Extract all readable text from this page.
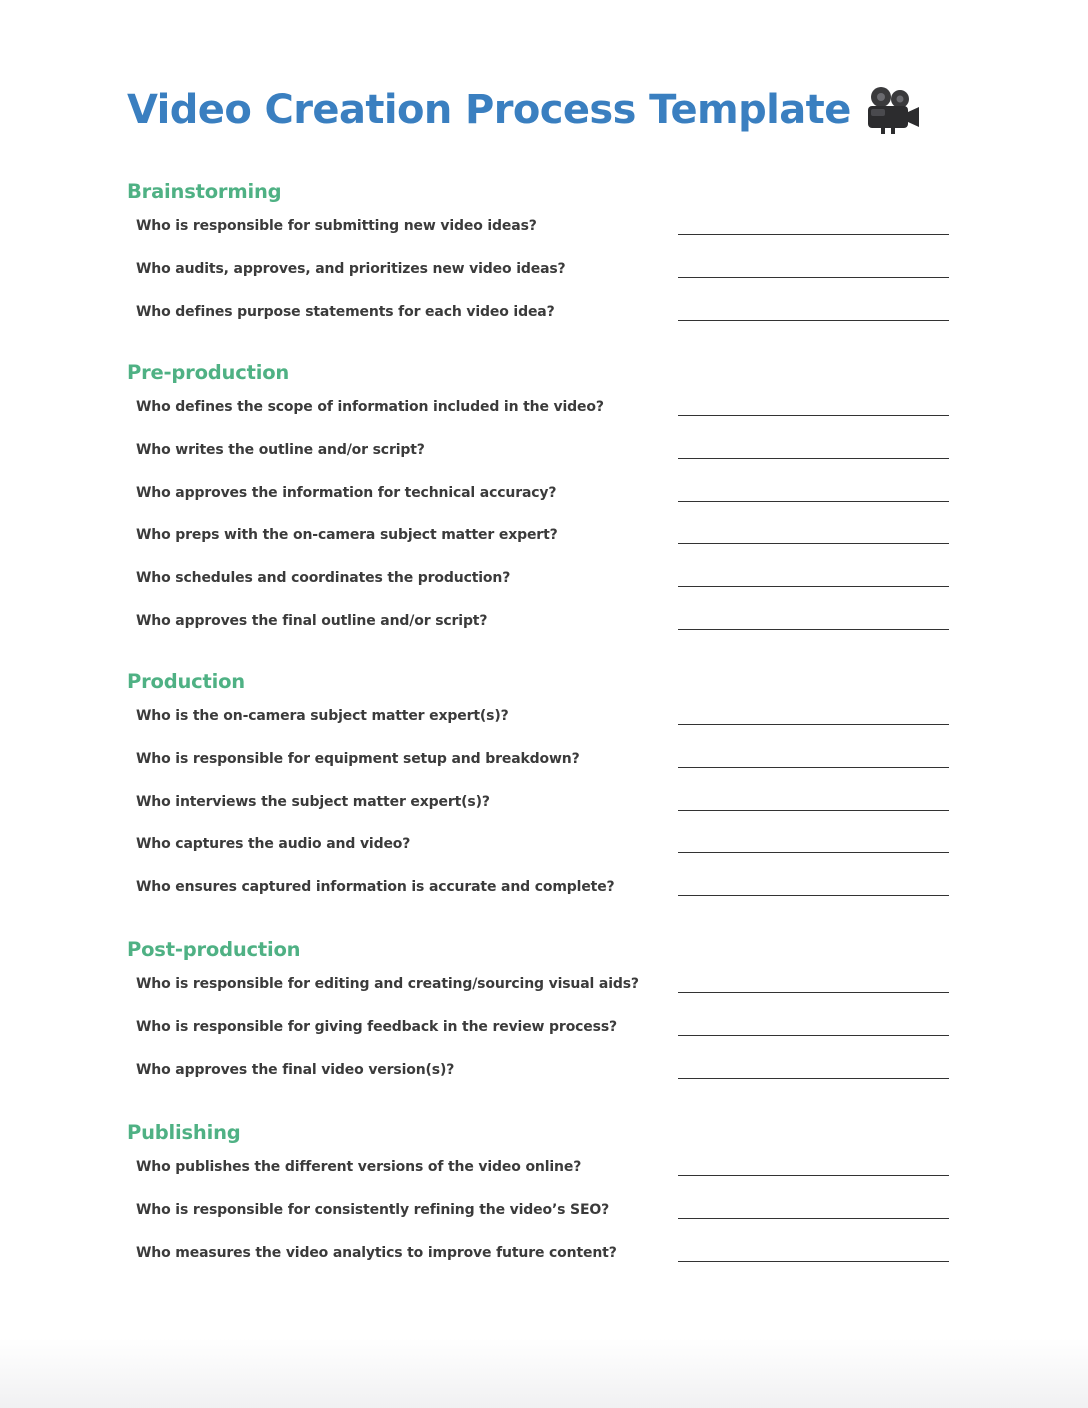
Video Creation Process Template
Brainstorming
Who is responsible for submitting new video ideas?
Who audits, approves, and prioritizes new video ideas?
Who defines purpose statements for each video idea?
Pre-production
Who defines the scope of information included in the video?
Who writes the outline and/or script?
Who approves the information for technical accuracy?
Who preps with the on-camera subject matter expert?
Who schedules and coordinates the production?
Who approves the final outline and/or script?
Production
Who is the on-camera subject matter expert(s)?
Who is responsible for equipment setup and breakdown?
Who interviews the subject matter expert(s)?
Who captures the audio and video?
Who ensures captured information is accurate and complete?
Post-production
Who is responsible for editing and creating/sourcing visual aids?
Who is responsible for giving feedback in the review process?
Who approves the final video version(s)?
Publishing
Who publishes the different versions of the video online?
Who is responsible for consistently refining the video’s SEO?
Who measures the video analytics to improve future content?
